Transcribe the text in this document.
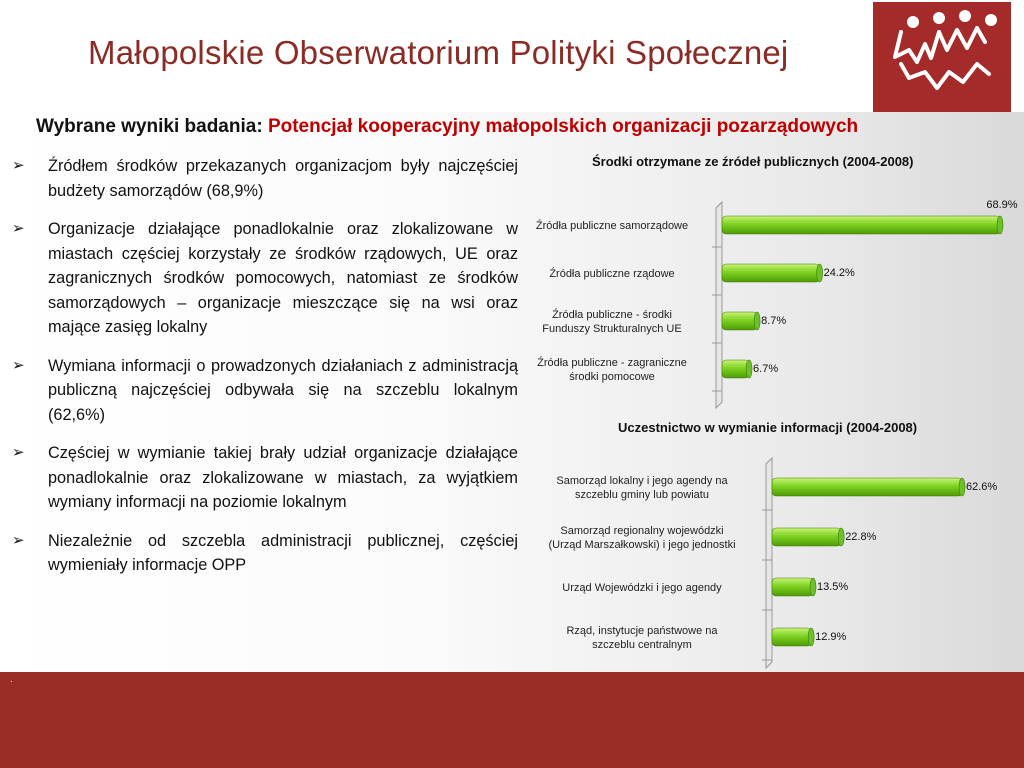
Małopolskie Obserwatorium Polityki Społecznej
Wybrane wyniki badania: Potencjał kooperacyjny małopolskich organizacji pozarządowych
➢ Źródłem środków przekazanych organizacjom były najczęściej budżety samorządów (68,9%)
➢ Organizacje działające ponadlokalnie oraz zlokalizowane w miastach częściej korzystały ze środków rządowych, UE oraz zagranicznych środków pomocowych, natomiast ze środków samorządowych – organizacje mieszczące się na wsi oraz mające zasięg lokalny
➢ Wymiana informacji o prowadzonych działaniach z administracją publiczną najczęściej odbywała się na szczeblu lokalnym (62,6%)
➢ Częściej w wymianie takiej brały udział organizacje działające ponadlokalnie oraz zlokalizowane w miastach, za wyjątkiem wymiany informacji na poziomie lokalnym
➢ Niezależnie od szczebla administracji publicznej, częściej wymieniały informacje OPP
Środki otrzymane ze źródeł publicznych (2004-2008)
68.9%
Źródła publiczne samorządowe
24.2%
Źródła publiczne rządowe
8.7%
Źródła publiczne - środki
Funduszy Strukturalnych UE
6.7%
Źródła publiczne - zagraniczne
środki pomocowe
Uczestnictwo w wymianie informacji (2004-2008)
62.6%
Samorząd lokalny i jego agendy na
szczeblu gminy lub powiatu
22.8%
Samorząd regionalny wojewódzki
(Urząd Marszałkowski) i jego jednostki
13.5%
Urząd Wojewódzki i jego agendy
12.9%
Rząd, instytucje państwowe na
szczeblu centralnym
.
